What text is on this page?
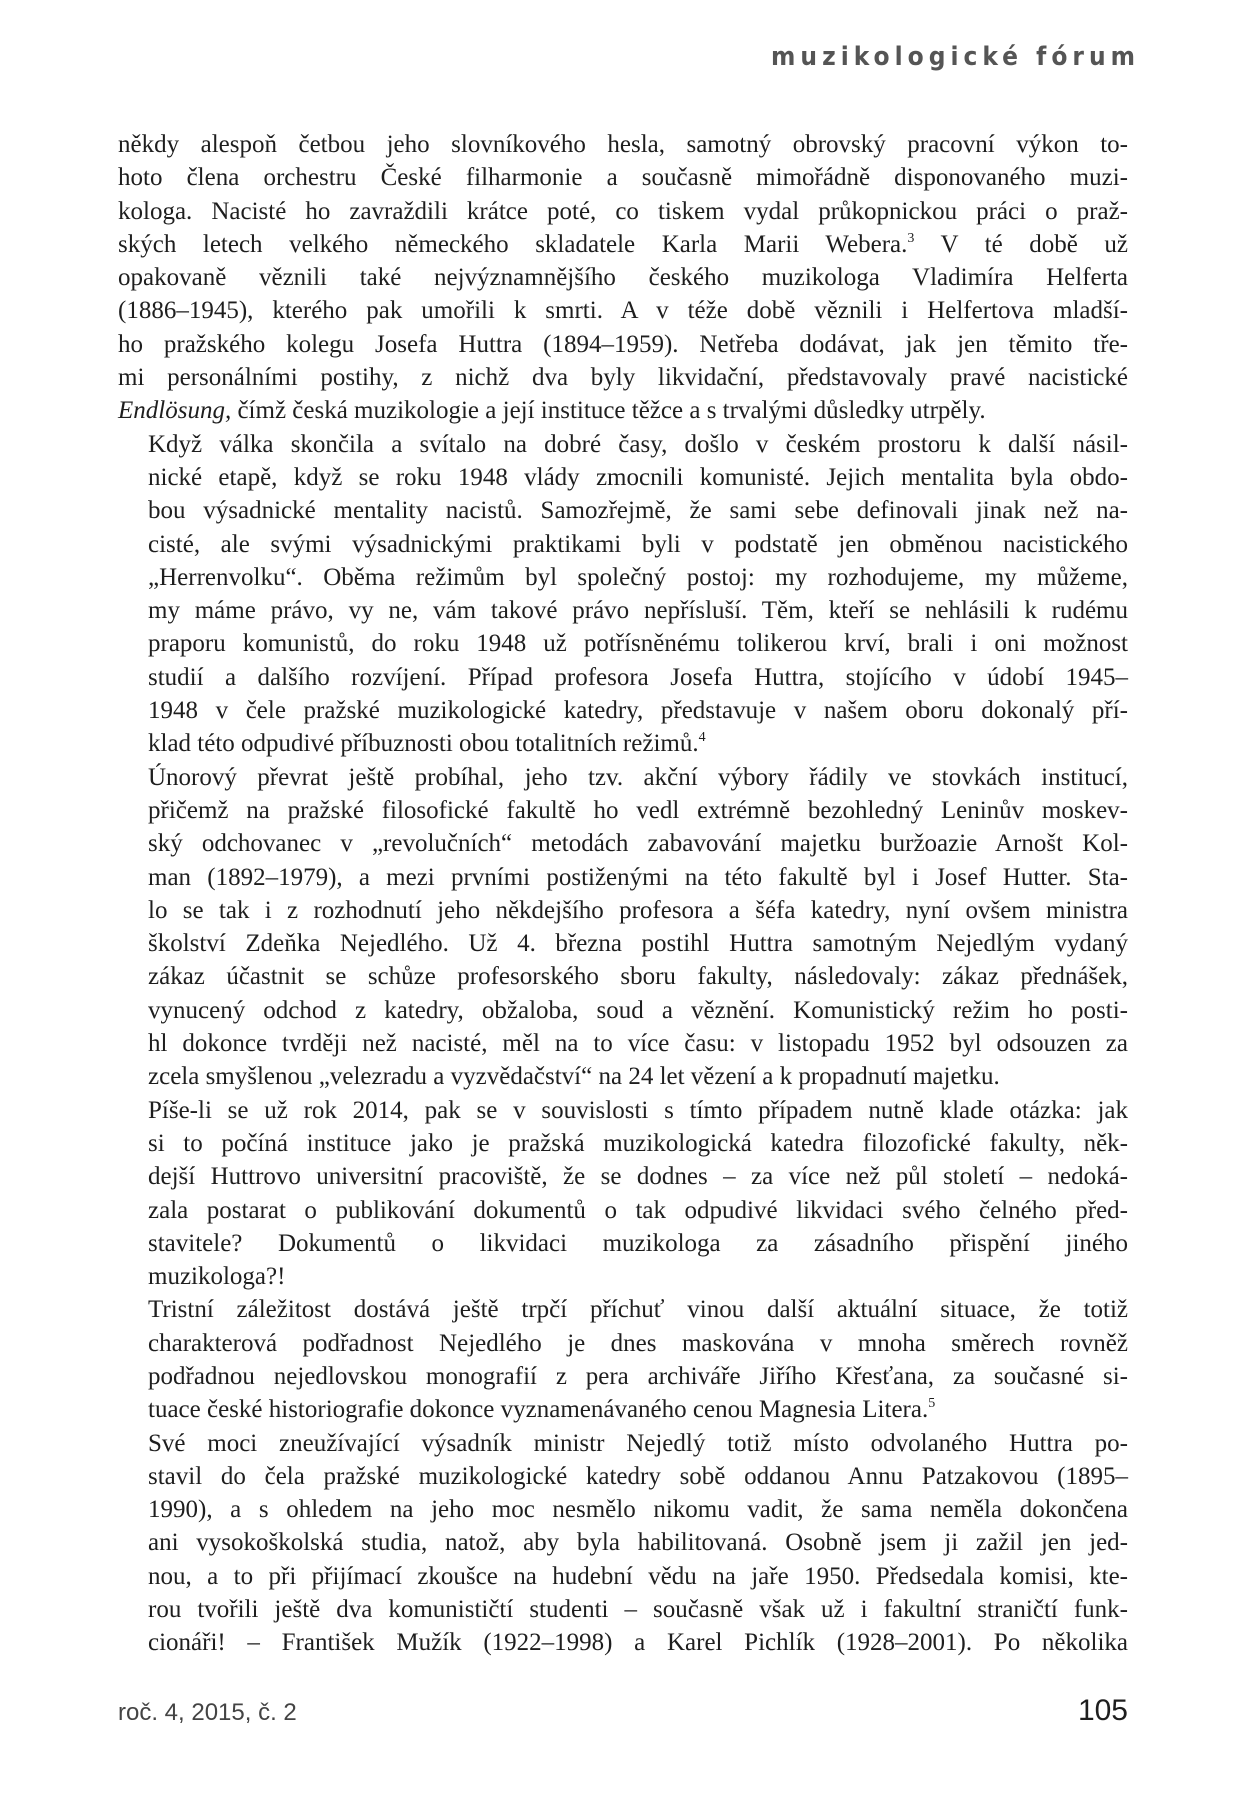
muzikologické fórum

někdy alespoň četbou jeho slovníkového hesla, samotný obrovský pracovní výkon to-
hoto člena orchestru České filharmonie a současně mimořádně disponovaného muzi-
kologa. Nacisté ho zavraždili krátce poté, co tiskem vydal průkopnickou práci o praž-
ských letech velkého německého skladatele Karla Marii Webera.$^3$ V té době už
opakovaně věznili také nejvýznamnějšího českého muzikologa Vladimíra Helferta
(1886–1945), kterého pak umořili k smrti. A v téže době věznili i Helfertova mladší-
ho pražského kolegu Josefa Huttra (1894–1959). Netřeba dodávat, jak jen těmito tře-
mi personálními postihy, z nichž dva byly likvidační, představovaly pravé nacistické
Endlösung, čímž česká muzikologie a její instituce těžce a s trvalými důsledky utrpěly.

Když válka skončila a svítalo na dobré časy, došlo v českém prostoru k další násil-
nické etapě, když se roku 1948 vlády zmocnili komunisté. Jejich mentalita byla obdo-
bou výsadnické mentality nacistů. Samozřejmě, že sami sebe definovali jinak než na-
cisté, ale svými výsadnickými praktikami byli v podstatě jen obměnou nacistického
„Herrenvolku“. Oběma režimům byl společný postoj: my rozhodujeme, my můžeme,
my máme právo, vy ne, vám takové právo nepřísluší. Těm, kteří se nehlásili k rudému
praporu komunistů, do roku 1948 už potřísněnému tolikerou krví, brali i oni možnost
studií a dalšího rozvíjení. Případ profesora Josefa Huttra, stojícího v údobí 1945–
1948 v čele pražské muzikologické katedry, představuje v našem oboru dokonalý pří-
klad této odpudivé příbuznosti obou totalitních režimů.$^4$

Únorový převrat ještě probíhal, jeho tzv. akční výbory řádily ve stovkách institucí,
přičemž na pražské filosofické fakultě ho vedl extrémně bezohledný Leninův moskev-
ský odchovanec v „revolučních“ metodách zabavování majetku buržoazie Arnošt Kol-
man (1892–1979), a mezi prvními postiženými na této fakultě byl i Josef Hutter. Sta-
lo se tak i z rozhodnutí jeho někdejšího profesora a šéfa katedry, nyní ovšem ministra
školství Zdeňka Nejedlého. Už 4. března postihl Huttra samotným Nejedlým vydaný
zákaz účastnit se schůze profesorského sboru fakulty, následovaly: zákaz přednášek,
vynucený odchod z katedry, obžaloba, soud a věznění. Komunistický režim ho posti-
hl dokonce tvrději než nacisté, měl na to více času: v listopadu 1952 byl odsouzen za
zcela smyšlenou „velezradu a vyzvědačství“ na 24 let vězení a k propadnutí majetku.

Píše-li se už rok 2014, pak se v souvislosti s tímto případem nutně klade otázka: jak
si to počíná instituce jako je pražská muzikologická katedra filozofické fakulty, něk-
dejší Huttrovo universitní pracoviště, že se dodnes – za více než půl století – nedoká-
zala postarat o publikování dokumentů o tak odpudivé likvidaci svého čelného před-
stavitele? Dokumentů o likvidaci muzikologa za zásadního přispění jiného
muzikologa?!

Tristní záležitost dostává ještě trpčí příchuť vinou další aktuální situace, že totiž
charakterová podřadnost Nejedlého je dnes maskována v mnoha směrech rovněž
podřadnou nejedlovskou monografií z pera archiváře Jiřího Křesťana, za současné si-
tuace české historiografie dokonce vyznamenávaného cenou Magnesia Litera.$^5$

Své moci zneužívající výsadník ministr Nejedlý totiž místo odvolaného Huttra po-
stavil do čela pražské muzikologické katedry sobě oddanou Annu Patzakovou (1895–
1990), a s ohledem na jeho moc nesmělo nikomu vadit, že sama neměla dokončena
ani vysokoškolská studia, natož, aby byla habilitovaná. Osobně jsem ji zažil jen jed-
nou, a to při přijímací zkoušce na hudební vědu na jaře 1950. Předsedala komisi, kte-
rou tvořili ještě dva komunističtí studenti – současně však už i fakultní straničtí funk-
cionáři! – František Mužík (1922–1998) a Karel Pichlík (1928–2001). Po několika

roč. 4, 2015, č. 2	105
